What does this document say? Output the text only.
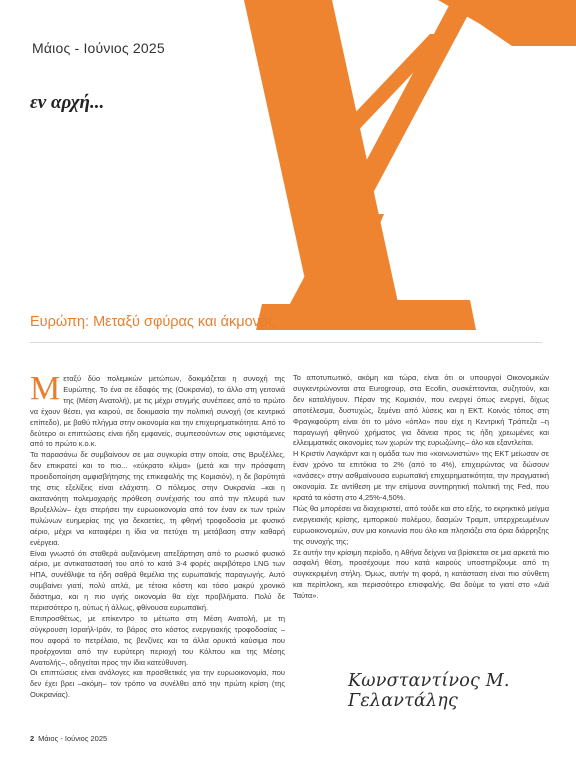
Μάιος - Ιούνιος 2025
εν αρχή...
Ευρώπη: Μεταξύ σφύρας και άκμονος
Μ εταξύ δύο πολεμικών μετώπων, δοκιμάζεται η συνοχή της Ευρώπης. Το ένα σε έδαφός της (Ουκρανία), το άλλο στη γειτονιά της (Μέση Ανατολή), με τις μέχρι στιγμής συνέπειες από το πρώτο να έχουν θέσει, για καιρού, σε δοκιμασία την πολιτική συνοχή (σε κεντρικό επίπεδο), με βαθύ πλήγμα στην οικονομία και την επιχειρηματικότητα. Από το δεύτερο οι επιπτώσεις είναι ήδη εμφανείς, συμπεσούντων στις υφιστάμενες από το πρώτο κ.ο.κ.

Τα παρασάνω δε συμβαίνουν σε μια συγκυρία στην οποία, στις Βρυξέλλες, δεν επικρατεί και το πιο... «εύκρατο κλίμα» (μετά και την πρόσφατη προειδοποίηση αμφισβήτησης της επικεφαλής της Κομισιόν), η δε βαρύτητά της στις εξελίξεις είναι ελάχιστη. Ο πόλεμος στην Ουκρανία –και η ακατανόητη πολεμοχαρής πρόθεση συνέχισής του από την πλευρά των Βρυξελλών– έχει στερήσει την ευρωοικονομία από τον έναν εκ των τριών πυλώνων ευημερίας της για δεκαετίες, τη φθηνή τροφοδοσία με φυσικό αέριο, μέχρι να καταφέρει η ίδια να πετύχει τη μετάβαση στην καθαρή ενέργεια.

Είναι γνωστό ότι σταθερά αυξανόμενη απεξάρτηση από το ρωσικό φυσικό αέριο, με αντικαταστασή του από το κατά 3-4 φορές ακριβότερο LNG των ΗΠΑ, συνέθλιψε τα ήδη σαθρά θεμέλια της ευρωπαϊκής παραγωγής. Αυτό συμβαίνει γιατί, πολύ απλά, με τέτοια κόστη και τόσο μακρύ χρονικό διάστημα, και η πιο υγιής οικονομία θα είχε προβλήματα. Πολύ δε περισσότερο η, ούτως ή άλλως, φθίνουσα ευρωπαϊκή.

Επιπροσθέτως, με επίκεντρο το μέτωπο στη Μέση Ανατολή, με τη σύγκρουση Ισραήλ-Ιράν, το βάρος στο κόστος ενεργειακής τροφοδοσίας –που αφορά το πετρέλαιο, τις βενζίνες και τα άλλα ορυκτά καύσιμα που προέρχονται από την ευρύτερη περιοχή του Κόλπου και της Μέσης Ανατολής–, οδηγείται προς την ίδια κατεύθυνση.

Οι επιπτώσεις είναι ανάλογες και προσθετικές για την ευρωοικονομία, που δεν έχει βρει –ακόμη– τον τρόπο να συνέλθει από την πρώτη κρίση (της Ουκρανίας).

Το αποτυπωτικό, ακόμη και τώρα, είναι ότι οι υπουργοί Οικονομικών συγκεντρώνονται στα Eurogroup, στα Ecofin, συσκέπτονται, συζητούν, και δεν καταλήγουν. Πέραν της Κομισιόν, που ενεργεί όπως ενεργεί, δίχως αποτέλεσμα, δυστυχώς, ξεμένει από λύσεις και η ΕΚΤ. Κοινός τόπος στη Φραγκφούρτη είναι ότι το μόνο «όπλο» που είχε η Κεντρική Τράπεζα –η παραγωγή φθηνού χρήματος για δάνεια προς τις ήδη χρεωμένες και ελλειμματικές οικονομίες των χωρών της ευρωζώνης– όλο και εξαντλείται.

Η Κριστίν Λαγκάρντ και η ομάδα των πιο «κοινωνιστών» της ΕΚΤ μείωσαν σε έναν χρόνο τα επιτόκια το 2% (από το 4%), επιχειρώντας να δώσουν «ανάσες» στην ασθμαίνουσα ευρωπαϊκή επιχειρηματικότητα, την πραγματική οικονομία. Σε αντίθεση με την επίμονα συντηρητική πολιτική της Fed, που κρατά τα κόστη στο 4,25%-4,50%.

Πώς θα μπορέσει να διαχειριστεί, από τούδε και στο εξής, το εκρηκτικό μείγμα ενεργειακής κρίσης, εμπορικού πολέμου, δασμών Τραμπ, υπερχρεωμένων ευρωοικονομιών, συν μια κοινωνία που όλο και πλησιάζει στα όρια διάρρηξης της συνοχής της;

Σε αυτήν την κρίσιμη περίοδο, η Αθήνα δείχνει να βρίσκεται σε μια αρκετά πιο ασφαλή θέση, προσέχουμε που κατά καιρούς υποστηρίζουμε από τη συγκεκριμένη στήλη. Όμως, αυτήν τη φορά, η κατάσταση είναι πιο σύνθετη και περίπλοκη, και περισσότερο επισφαλής. Θα δούμε το γιατί στο «Διά Ταύτα».

Κωνσταντίνος Μ. Γελαντάλης
2 Μάιος - Ιούνιος 2025
